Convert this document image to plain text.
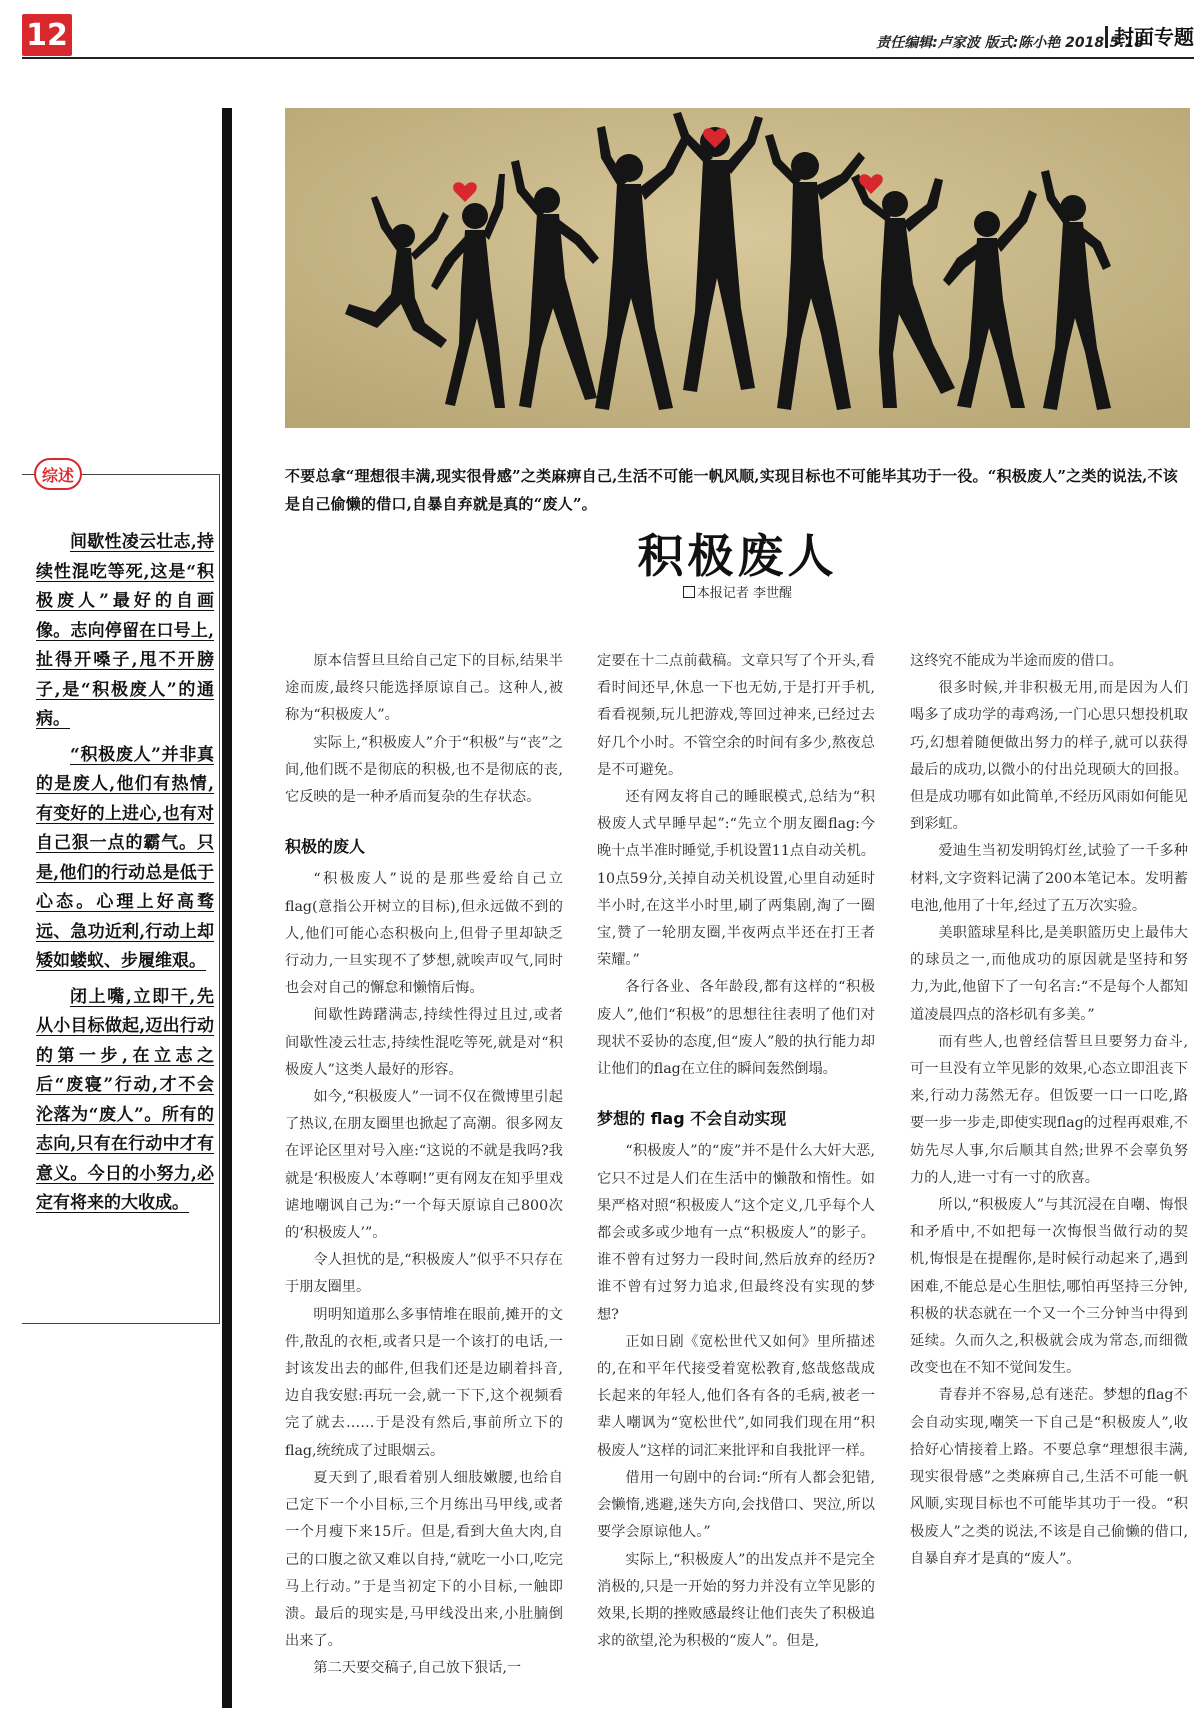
12	责任编辑:卢家波 版式:陈小艳 2018.5.18
封面专题
不要总拿“理想很丰满,现实很骨感”之类麻痹自己,生活不可能一帆风顺,实现目标也不可能毕其功于一役。“积极废人”之类的说法,不该是自己偷懒的借口,自暴自弃就是真的“废人”。
积极废人
本报记者 李世醒
综述

间歇性凌云壮志,持续性混吃等死,这是“积极废人”最好的自画像。志向停留在口号上,扯得开嗓子,甩不开膀子,是“积极废人”的通病。

“积极废人”并非真的是废人,他们有热情,有变好的上进心,也有对自己狠一点的霸气。只是,他们的行动总是低于心态。心理上好高骛远、急功近利,行动上却矮如蝼蚁、步履维艰。

闭上嘴,立即干,先从小目标做起,迈出行动的第一步,在立志之后“废寝”行动,才不会沦落为“废人”。所有的志向,只有在行动中才有意义。今日的小努力,必定有将来的大收成。

原本信誓旦旦给自己定下的目标,结果半途而废,最终只能选择原谅自己。这种人,被称为“积极废人”。

实际上,“积极废人”介于“积极”与“丧”之间,他们既不是彻底的积极,也不是彻底的丧,它反映的是一种矛盾而复杂的生存状态。

积极的废人

“积极废人”说的是那些爱给自己立flag(意指公开树立的目标),但永远做不到的人,他们可能心态积极向上,但骨子里却缺乏行动力,一旦实现不了梦想,就唉声叹气,同时也会对自己的懈怠和懒惰后悔。

间歇性踌躇满志,持续性得过且过,或者间歇性凌云壮志,持续性混吃等死,就是对“积极废人”这类人最好的形容。

如今,“积极废人”一词不仅在微博里引起了热议,在朋友圈里也掀起了高潮。很多网友在评论区里对号入座:“这说的不就是我吗?我就是‘积极废人’本尊啊!”更有网友在知乎里戏谑地嘲讽自己为:“一个每天原谅自己800次的‘积极废人’”。

令人担忧的是,“积极废人”似乎不只存在于朋友圈里。

明明知道那么多事情堆在眼前,摊开的文件,散乱的衣柜,或者只是一个该打的电话,一封该发出去的邮件,但我们还是边刷着抖音,边自我安慰:再玩一会,就一下下,这个视频看完了就去……于是没有然后,事前所立下的flag,统统成了过眼烟云。

夏天到了,眼看着别人细肢嫩腰,也给自己定下一个小目标,三个月练出马甲线,或者一个月瘦下来15斤。但是,看到大鱼大肉,自己的口腹之欲又难以自持,“就吃一小口,吃完马上行动。”于是当初定下的小目标,一触即溃。最后的现实是,马甲线没出来,小肚腩倒出来了。

第二天要交稿子,自己放下狠话,一

定要在十二点前截稿。文章只写了个开头,看看时间还早,休息一下也无妨,于是打开手机,看看视频,玩儿把游戏,等回过神来,已经过去好几个小时。不管空余的时间有多少,熬夜总是不可避免。

还有网友将自己的睡眠模式,总结为“积极废人式早睡早起”:“先立个朋友圈flag:今晚十点半准时睡觉,手机设置11点自动关机。10点59分,关掉自动关机设置,心里自动延时半小时,在这半小时里,刷了两集剧,淘了一圈宝,赞了一轮朋友圈,半夜两点半还在打王者荣耀。”

各行各业、各年龄段,都有这样的“积极废人”,他们“积极”的思想往往表明了他们对现状不妥协的态度,但“废人”般的执行能力却让他们的flag在立住的瞬间轰然倒塌。

梦想的 flag 不会自动实现

“积极废人”的“废”并不是什么大奸大恶,它只不过是人们在生活中的懒散和惰性。如果严格对照“积极废人”这个定义,几乎每个人都会或多或少地有一点“积极废人”的影子。谁不曾有过努力一段时间,然后放弃的经历?谁不曾有过努力追求,但最终没有实现的梦想?

正如日剧《宽松世代又如何》里所描述的,在和平年代接受着宽松教育,悠哉悠哉成长起来的年轻人,他们各有各的毛病,被老一辈人嘲讽为“宽松世代”,如同我们现在用“积极废人”这样的词汇来批评和自我批评一样。

借用一句剧中的台词:“所有人都会犯错,会懒惰,逃避,迷失方向,会找借口、哭泣,所以要学会原谅他人。”

实际上,“积极废人”的出发点并不是完全消极的,只是一开始的努力并没有立竿见影的效果,长期的挫败感最终让他们丧失了积极追求的欲望,沦为积极的“废人”。但是,

这终究不能成为半途而废的借口。

很多时候,并非积极无用,而是因为人们喝多了成功学的毒鸡汤,一门心思只想投机取巧,幻想着随便做出努力的样子,就可以获得最后的成功,以微小的付出兑现硕大的回报。但是成功哪有如此简单,不经历风雨如何能见到彩虹。

爱迪生当初发明钨灯丝,试验了一千多种材料,文字资料记满了200本笔记本。发明蓄电池,他用了十年,经过了五万次实验。

美职篮球星科比,是美职篮历史上最伟大的球员之一,而他成功的原因就是坚持和努力,为此,他留下了一句名言:“不是每个人都知道凌晨四点的洛杉矶有多美。”

而有些人,也曾经信誓旦旦要努力奋斗,可一旦没有立竿见影的效果,心态立即沮丧下来,行动力荡然无存。但饭要一口一口吃,路要一步一步走,即使实现flag的过程再艰难,不妨先尽人事,尔后顺其自然;世界不会辜负努力的人,进一寸有一寸的欣喜。

所以,“积极废人”与其沉浸在自嘲、悔恨和矛盾中,不如把每一次悔恨当做行动的契机,悔恨是在提醒你,是时候行动起来了,遇到困难,不能总是心生胆怯,哪怕再坚持三分钟,积极的状态就在一个又一个三分钟当中得到延续。久而久之,积极就会成为常态,而细微改变也在不知不觉间发生。

青春并不容易,总有迷茫。梦想的flag不会自动实现,嘲笑一下自己是“积极废人”,收拾好心情接着上路。不要总拿“理想很丰满,现实很骨感”之类麻痹自己,生活不可能一帆风顺,实现目标也不可能毕其功于一役。“积极废人”之类的说法,不该是自己偷懒的借口,自暴自弃才是真的“废人”。
